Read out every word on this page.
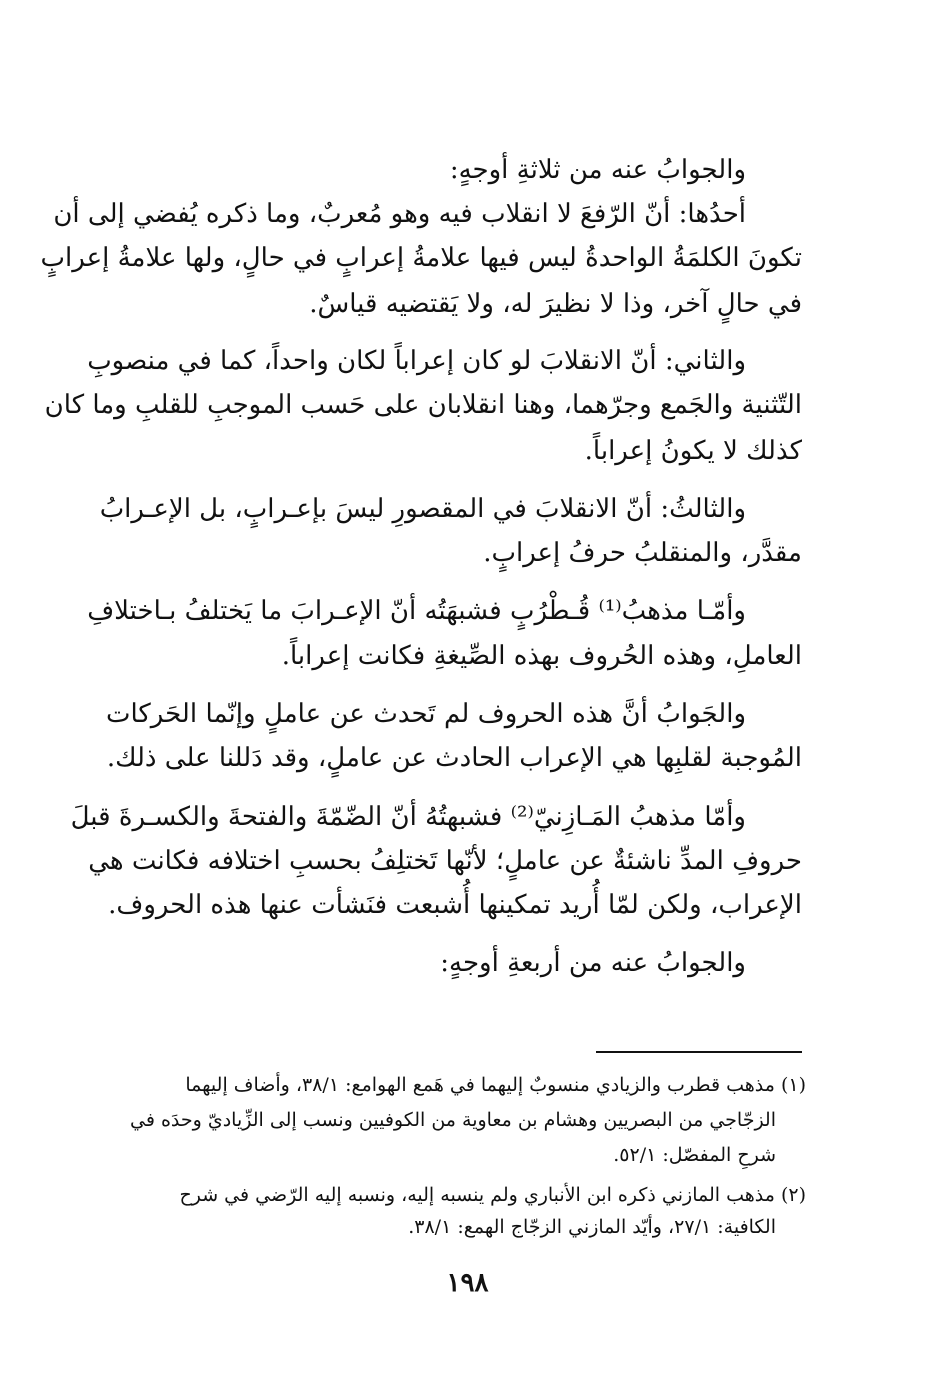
والجوابُ عنه من ثلاثةِ أوجهٍ:
أحدُها: أنّ الرّفعَ لا انقلاب فيه وهو مُعربٌ، وما ذكره يُفضي إلى أن
تكونَ الكلمَةُ الواحدةُ ليس فيها علامةُ إعرابٍ في حالٍ، ولها علامةُ إعرابٍ
في حالٍ آخر، وذا لا نظيرَ له، ولا يَقتضيه قياسٌ.
والثاني: أنّ الانقلابَ لو كان إعراباً لكان واحداً، كما في منصوبِ
التّثنية والجَمع وجرّهما، وهنا انقلابان على حَسب الموجبِ للقلبِ وما كان
كذلك لا يكونُ إعراباً.
والثالثُ: أنّ الانقلابَ في المقصورِ ليسَ بإعـرابٍ، بل الإعـرابُ
مقدَّر، والمنقلبُ حرفُ إعرابٍ.
وأمّـا مذهبُ⁽¹⁾ قُـطْرُبٍ فشبهَتُه أنّ الإعـرابَ ما يَختلفُ بـاختلافِ
العاملِ، وهذه الحُروف بهذه الصِّيغةِ فكانت إعراباً.
والجَوابُ أنَّ هذه الحروف لم تَحدث عن عاملٍ وإنّما الحَركات
المُوجبة لقلبِها هي الإعراب الحادث عن عاملٍ، وقد دَللنا على ذلك.
وأمّا مذهبُ المَـازِنيّ⁽²⁾ فشبهتُهُ أنّ الضّمّةَ والفتحةَ والكسـرةَ قبلَ
حروفِ المدِّ ناشئةٌ عن عاملٍ؛ لأنّها تَختلِفُ بحسبِ اختلافه فكانت هي
الإعراب، ولكن لمّا أُريد تمكينها أُشبعت فنَشأت عنها هذه الحروف.
والجوابُ عنه من أربعةِ أوجهٍ:
(١) مذهب قطرب والزيادي منسوبٌ إليهما في هَمع الهوامع: ٣٨/١، وأضاف إليهما
الزجّاجي من البصريين وهشام بن معاوية من الكوفيين ونسب إلى الزِّياديّ وحدَه في
شرحِ المفصّل: ٥٢/١.
(٢) مذهب المازني ذكره ابن الأنباري ولم ينسبه إليه، ونسبه إليه الرّضي في شرح
الكافية: ٢٧/١، وأيّد المازني الزجّاج الهمع: ٣٨/١.
١٩٨
